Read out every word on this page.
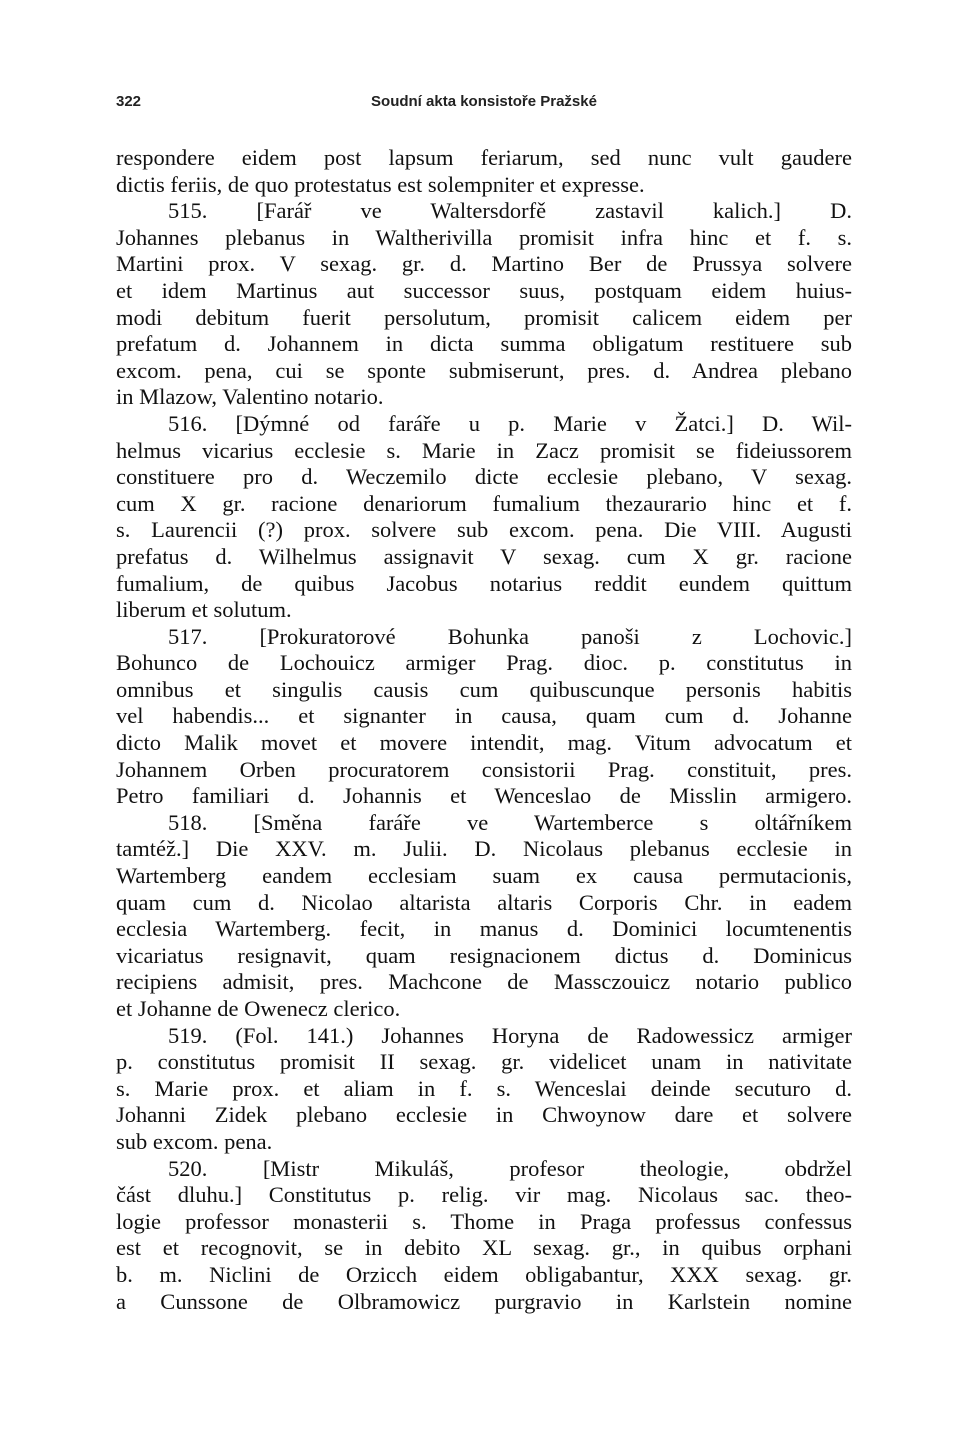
322	Soudní akta konsistoře Pražské
respondere eidem post lapsum feriarum, sed nunc vult gaudere
dictis feriis, de quo protestatus est solempniter et expresse.
515. [Farář ve Waltersdorfě zastavil kalich.] D.
Johannes plebanus in Waltherivilla promisit infra hinc et f. s.
Martini prox. V sexag. gr. d. Martino Ber de Prussya solvere
et idem Martinus aut successor suus, postquam eidem huius-
modi debitum fuerit persolutum, promisit calicem eidem per
prefatum d. Johannem in dicta summa obligatum restituere sub
excom. pena, cui se sponte submiserunt, pres. d. Andrea plebano
in Mlazow, Valentino notario.
516. [Dýmné od faráře u p. Marie v Žatci.] D. Wil-
helmus vicarius ecclesie s. Marie in Zacz promisit se fideiussorem
constituere pro d. Weczemilo dicte ecclesie plebano, V sexag.
cum X gr. racione denariorum fumalium thezaurario hinc et f.
s. Laurencii (?) prox. solvere sub excom. pena. Die VIII. Augusti
prefatus d. Wilhelmus assignavit V sexag. cum X gr. racione
fumalium, de quibus Jacobus notarius reddit eundem quittum
liberum et solutum.
517. [Prokuratorové Bohunka panoši z Lochovic.]
Bohunco de Lochouicz armiger Prag. dioc. p. constitutus in
omnibus et singulis causis cum quibuscunque personis habitis
vel habendis... et signanter in causa, quam cum d. Johanne
dicto Malik movet et movere intendit, mag. Vitum advocatum et
Johannem Orben procuratorem consistorii Prag. constituit, pres.
Petro familiari d. Johannis et Wenceslao de Misslin armigero.
518. [Směna faráře ve Wartemberce s oltářníkem
tamtéž.] Die XXV. m. Julii. D. Nicolaus plebanus ecclesie in
Wartemberg eandem ecclesiam suam ex causa permutacionis,
quam cum d. Nicolao altarista altaris Corporis Chr. in eadem
ecclesia Wartemberg. fecit, in manus d. Dominici locumtenentis
vicariatus resignavit, quam resignacionem dictus d. Dominicus
recipiens admisit, pres. Machcone de Massczouicz notario publico
et Johanne de Owenecz clerico.
519. (Fol. 141.) Johannes Horyna de Radowessicz armiger
p. constitutus promisit II sexag. gr. videlicet unam in nativitate
s. Marie prox. et aliam in f. s. Wenceslai deinde secuturo d.
Johanni Zidek plebano ecclesie in Chwoynow dare et solvere
sub excom. pena.
520. [Mistr Mikuláš, profesor theologie, obdržel
část dluhu.] Constitutus p. relig. vir mag. Nicolaus sac. theo-
logie professor monasterii s. Thome in Praga professus confessus
est et recognovit, se in debito XL sexag. gr., in quibus orphani
b. m. Niclini de Orzicch eidem obligabantur, XXX sexag. gr.
a Cunssone de Olbramowicz purgravio in Karlstein nomine
